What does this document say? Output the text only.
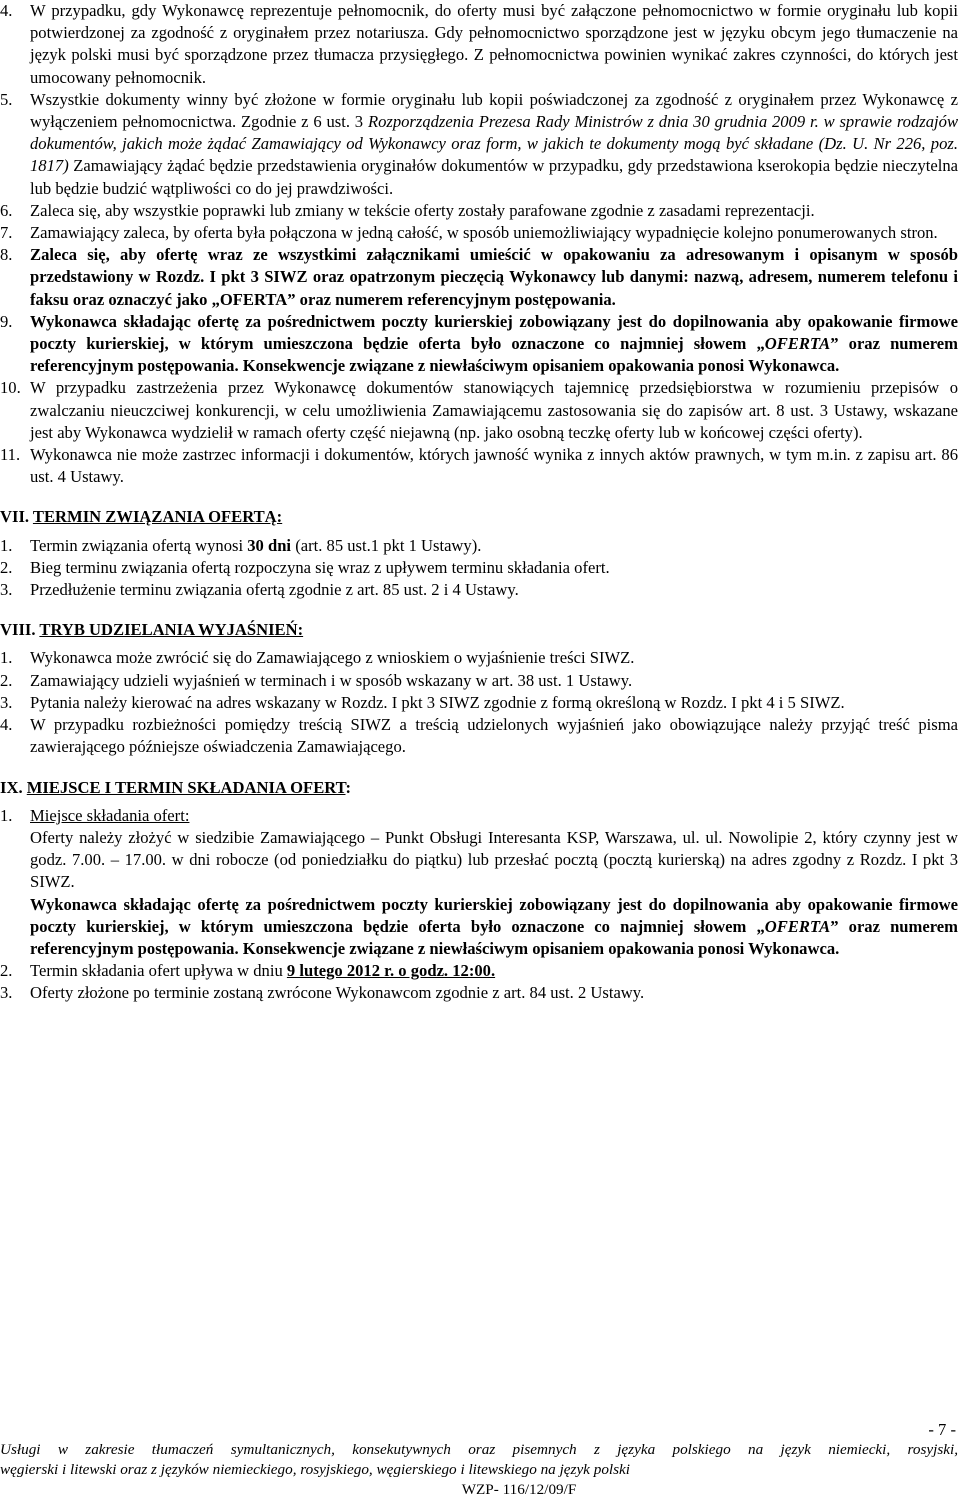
4.	W przypadku, gdy Wykonawcę reprezentuje pełnomocnik, do oferty musi być załączone pełnomocnictwo w formie oryginału lub kopii potwierdzonej za zgodność z oryginałem przez notariusza. Gdy pełnomocnictwo sporządzone jest w języku obcym jego tłumaczenie na język polski musi być sporządzone przez tłumacza przysięgłego. Z pełnomocnictwa powinien wynikać zakres czynności, do których jest umocowany pełnomocnik.

5.	Wszystkie dokumenty winny być złożone w formie oryginału lub kopii poświadczonej za zgodność z oryginałem przez Wykonawcę z wyłączeniem pełnomocnictwa. Zgodnie z 6 ust. 3 Rozporządzenia Prezesa Rady Ministrów z dnia 30 grudnia 2009 r. w sprawie rodzajów dokumentów, jakich może żądać Zamawiający od Wykonawcy oraz form, w jakich te dokumenty mogą być składane (Dz. U. Nr 226, poz. 1817) Zamawiający żądać będzie przedstawienia oryginałów dokumentów w przypadku, gdy przedstawiona kserokopia będzie nieczytelna lub będzie budzić wątpliwości co do jej prawdziwości.

6.	Zaleca się, aby wszystkie poprawki lub zmiany w tekście oferty zostały parafowane zgodnie z zasadami reprezentacji.

7.	Zamawiający zaleca, by oferta była połączona w jedną całość, w sposób uniemożliwiający wypadnięcie kolejno ponumerowanych stron.

8.	Zaleca się, aby ofertę wraz ze wszystkimi załącznikami umieścić w opakowaniu za adresowanym i opisanym w sposób przedstawiony w Rozdz. I pkt 3 SIWZ oraz opatrzonym pieczęcią Wykonawcy lub danymi: nazwą, adresem, numerem telefonu i faksu oraz oznaczyć jako „OFERTA” oraz numerem referencyjnym postępowania.

9.	Wykonawca składając ofertę za pośrednictwem poczty kurierskiej zobowiązany jest do dopilnowania aby opakowanie firmowe poczty kurierskiej, w którym umieszczona będzie oferta było oznaczone co najmniej słowem „OFERTA” oraz numerem referencyjnym postępowania. Konsekwencje związane z niewłaściwym opisaniem opakowania ponosi Wykonawca.

10. W przypadku zastrzeżenia przez Wykonawcę dokumentów stanowiących tajemnicę przedsiębiorstwa w rozumieniu przepisów o zwalczaniu nieuczciwej konkurencji, w celu umożliwienia Zamawiającemu zastosowania się do zapisów art. 8 ust. 3 Ustawy, wskazane jest aby Wykonawca wydzielił w ramach oferty część niejawną (np. jako osobną teczkę oferty lub w końcowej części oferty).

11. Wykonawca nie może zastrzec informacji i dokumentów, których jawność wynika z innych aktów prawnych, w tym m.in. z zapisu art. 86 ust. 4 Ustawy.

VII. TERMIN ZWIĄZANIA OFERTĄ:
1.	Termin związania ofertą wynosi 30 dni (art. 85 ust.1 pkt 1 Ustawy).

2.	Bieg terminu związania ofertą rozpoczyna się wraz z upływem terminu składania ofert.

3.	Przedłużenie terminu związania ofertą zgodnie z art. 85 ust. 2 i 4 Ustawy.

VIII. TRYB UDZIELANIA WYJAŚNIEŃ:
1.	Wykonawca może zwrócić się do Zamawiającego z wnioskiem o wyjaśnienie treści SIWZ.

2.	Zamawiający udzieli wyjaśnień w terminach i w sposób wskazany w art. 38 ust. 1 Ustawy.

3.	Pytania należy kierować na adres wskazany w Rozdz. I pkt 3 SIWZ zgodnie z formą określoną w Rozdz. I pkt 4 i 5 SIWZ.

4.	W przypadku rozbieżności pomiędzy treścią SIWZ a treścią udzielonych wyjaśnień jako obowiązujące należy przyjąć treść pisma zawierającego późniejsze oświadczenia Zamawiającego.

IX. MIEJSCE I TERMIN SKŁADANIA OFERT:
1.	Miejsce składania ofert:

Oferty należy złożyć w siedzibie Zamawiającego – Punkt Obsługi Interesanta KSP, Warszawa, ul. ul. Nowolipie 2, który czynny jest w godz. 7.00. – 17.00. w dni robocze (od poniedziałku do piątku) lub przesłać pocztą (pocztą kurierską) na adres zgodny z Rozdz. I pkt 3 SIWZ.

Wykonawca składając ofertę za pośrednictwem poczty kurierskiej zobowiązany jest do dopilnowania aby opakowanie firmowe poczty kurierskiej, w którym umieszczona będzie oferta było oznaczone co najmniej słowem „OFERTA” oraz numerem referencyjnym postępowania. Konsekwencje związane z niewłaściwym opisaniem opakowania ponosi Wykonawca.

2.	Termin składania ofert upływa w dniu 9 lutego 2012 r. o godz. 12:00.

3.	Oferty złożone po terminie zostaną zwrócone Wykonawcom zgodnie z art. 84 ust. 2 Ustawy.

- 7 -
Usługi w zakresie tłumaczeń symultanicznych, konsekutywnych oraz pisemnych z języka polskiego na język niemiecki, rosyjski,
węgierski i litewski oraz z języków niemieckiego, rosyjskiego, węgierskiego i litewskiego na język polski
WZP- 116/12/09/F
